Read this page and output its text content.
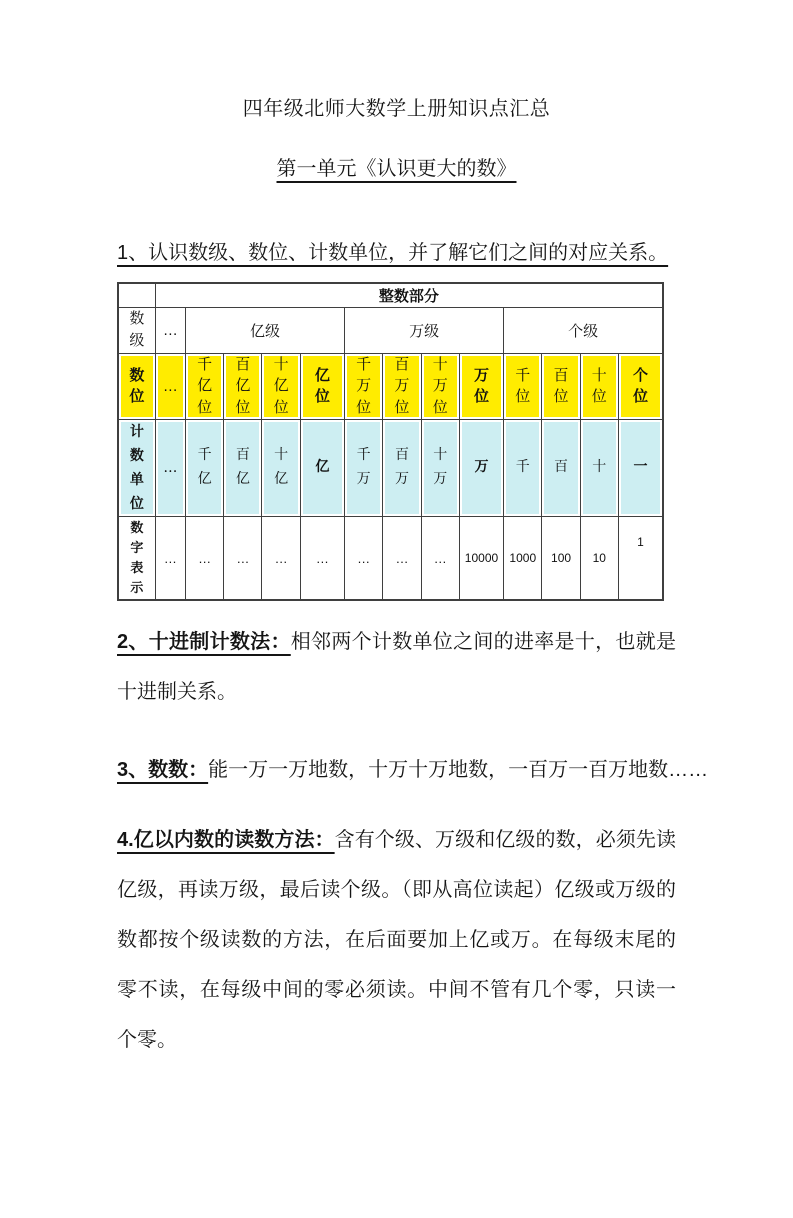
四年级北师大数学上册知识点汇总
第一单元《认识更大的数》
1、认识数级、数位、计数单位，并了解它们之间的对应关系。
	整数部分												

数级	…	亿级				万级				个级			

数位	…	千亿位	百亿位	十亿位	亿位	千万位	百万位	十万位	万位	千位	百位	十位	个位

计数单位	…	千亿	百亿	十亿	亿	千万	百万	十万	万	千	百	十	一

数字表示	…	…	…	…	…	…	…	…	10000	1000	100	10	1
2、十进制计数法：相邻两个计数单位之间的进率是十，也就是十进制关系。
3、数数：能一万一万地数，十万十万地数，一百万一百万地数……
4.亿以内数的读数方法：含有个级、万级和亿级的数，必须先读亿级，再读万级，最后读个级。（即从高位读起）亿级或万级的数都按个级读数的方法，在后面要加上亿或万。在每级末尾的零不读，在每级中间的零必须读。中间不管有几个零，只读一个零。
